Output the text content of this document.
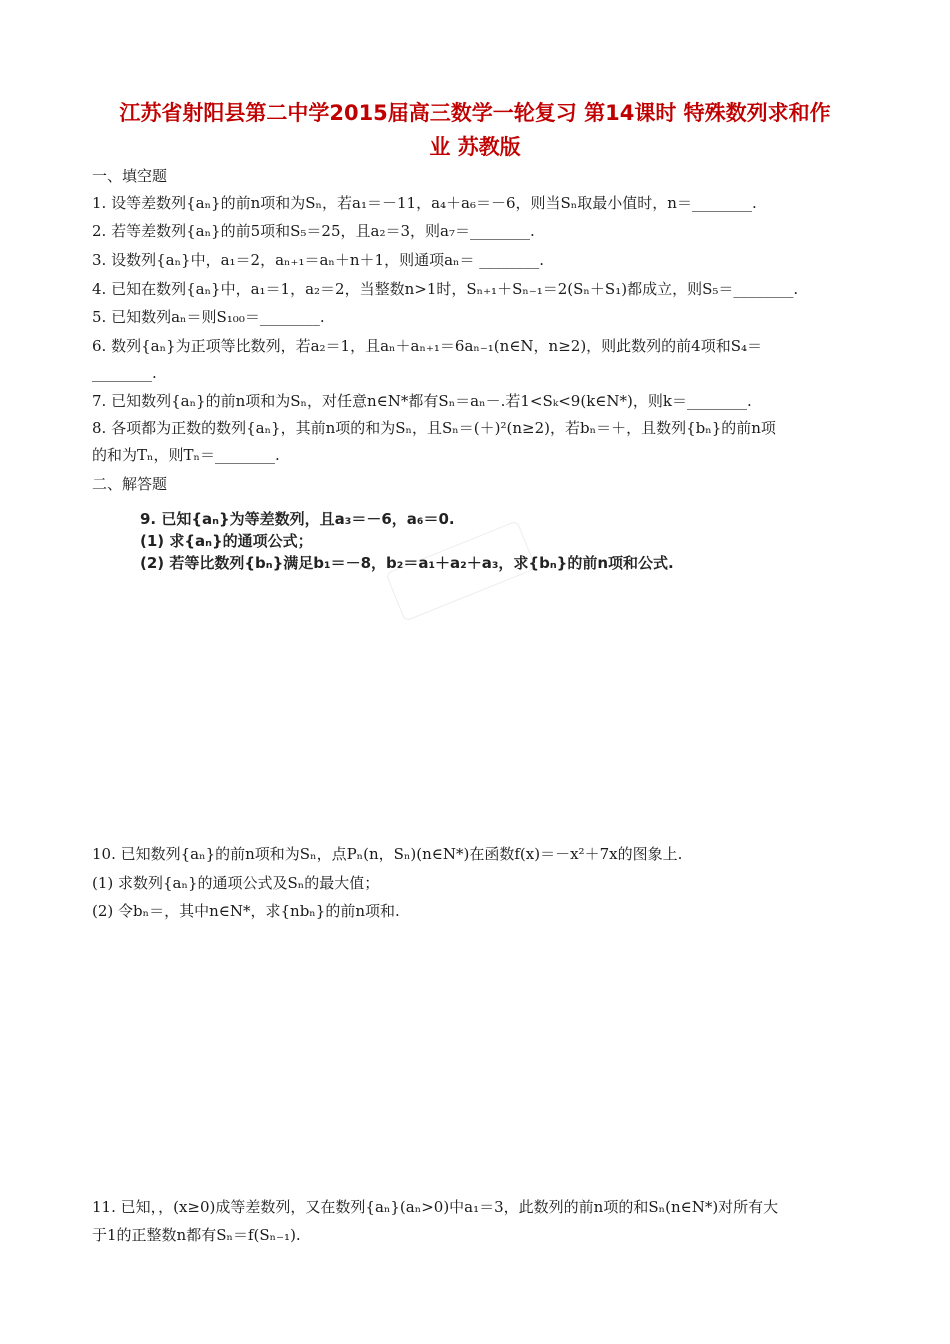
江苏省射阳县第二中学2015届高三数学一轮复习 第14课时 特殊数列求和作
业 苏教版
一、填空题
1. 设等差数列{aₙ}的前n项和为Sₙ，若a₁＝－11，a₄＋a₆＝－6，则当Sₙ取最小值时，n＝________.
2. 若等差数列{aₙ}的前5项和S₅＝25，且a₂＝3，则a₇＝________.
3. 设数列{aₙ}中，a₁＝2，aₙ₊₁＝aₙ＋n＋1，则通项aₙ＝ ________.
4. 已知在数列{aₙ}中，a₁＝1，a₂＝2，当整数n>1时，Sₙ₊₁＋Sₙ₋₁＝2(Sₙ＋S₁)都成立，则S₅＝________.
5. 已知数列aₙ＝则S₁₀₀＝________.
6. 数列{aₙ}为正项等比数列，若a₂＝1，且aₙ＋aₙ₊₁＝6aₙ₋₁(n∈N，n≥2)，则此数列的前4项和S₄＝
________.
7. 已知数列{aₙ}的前n项和为Sₙ，对任意n∈N*都有Sₙ＝aₙ－.若1<Sₖ<9(k∈N*)，则k＝________.
8. 各项都为正数的数列{aₙ}，其前n项的和为Sₙ，且Sₙ＝(＋)²(n≥2)，若bₙ＝＋，且数列{bₙ}的前n项
的和为Tₙ，则Tₙ＝________.
二、解答题
9. 已知{aₙ}为等差数列，且a₃＝－6，a₆＝0.
(1) 求{aₙ}的通项公式；
(2) 若等比数列{bₙ}满足b₁＝－8，b₂＝a₁＋a₂＋a₃，求{bₙ}的前n项和公式.
10. 已知数列{aₙ}的前n项和为Sₙ，点Pₙ(n，Sₙ)(n∈N*)在函数f(x)＝－x²＋7x的图象上.
(1) 求数列{aₙ}的通项公式及Sₙ的最大值；
(2) 令bₙ＝，其中n∈N*，求{nbₙ}的前n项和.
11. 已知，，(x≥0)成等差数列，又在数列{aₙ}(aₙ>0)中a₁＝3，此数列的前n项的和Sₙ(n∈N*)对所有大
于1的正整数n都有Sₙ＝f(Sₙ₋₁).
